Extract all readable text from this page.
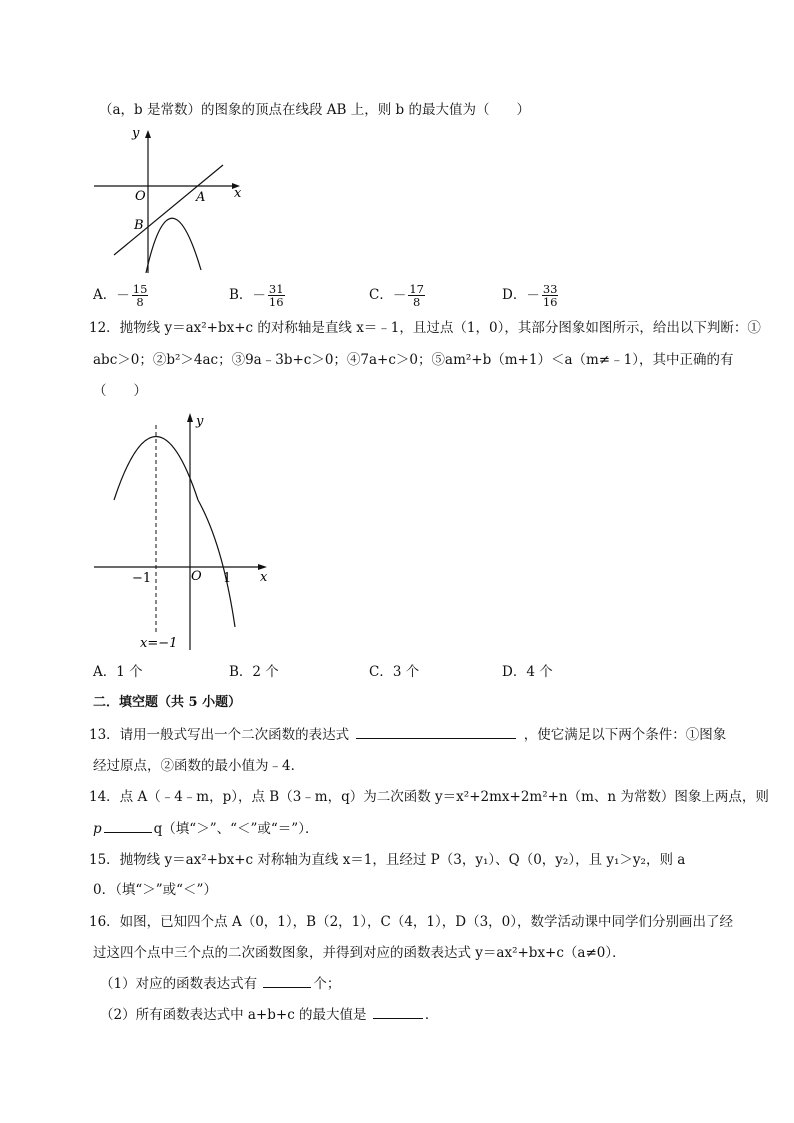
（a，b 是常数）的图象的顶点在线段 AB 上，则 b 的最大值为（　　）
y
x
O	A
B
A．－ $\frac{15}{8}$	B．－ $\frac{31}{16}$	C．－ $\frac{17}{8}$	D．－ $\frac{33}{16}$
12．抛物线 y＝ax²+bx+c 的对称轴是直线 x＝﹣1，且过点（1，0），其部分图象如图所示，给出以下判断：①
abc＞0；②b²＞4ac；③9a﹣3b+c＞0；④7a+c＞0；⑤am²+b（m+1）＜a（m≠﹣1），其中正确的有
（　　）
y
x
O
−1	1
x=−1
A．1 个	B．2 个	C．3 个	D．4 个
二．填空题（共 5 小题）
13．请用一般式写出一个二次函数的表达式	，使它满足以下两个条件：①图象
经过原点，②函数的最小值为﹣4．
14．点 A（﹣4﹣m，p），点 B（3﹣m，q）为二次函数 y＝x²+2mx+2m²+n（m、n 为常数）图象上两点，则
p	q（填“＞”、“＜”或“＝”）．
15．抛物线 y＝ax²+bx+c 对称轴为直线 x＝1，且经过 P（3，y₁）、Q（0，y₂），且 y₁＞y₂，则 a
0．（填“＞”或“＜”）
16．如图，已知四个点 A（0，1），B（2，1），C（4，1），D（3，0），数学活动课中同学们分别画出了经
过这四个点中三个点的二次函数图象，并得到对应的函数表达式 y＝ax²+bx+c（a≠0）．
（1）对应的函数表达式有	个；
（2）所有函数表达式中 a+b+c 的最大值是	．
